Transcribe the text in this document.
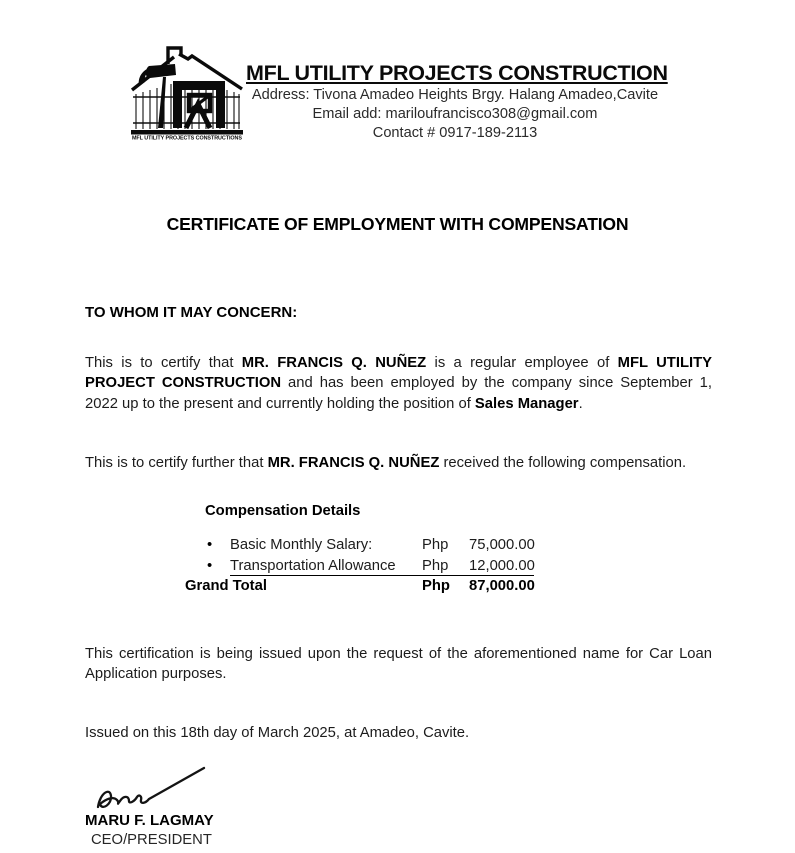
MFL UTILITY PROJECTS CONSTRUCTIONS
MFL UTILITY PROJECTS CONSTRUCTION
Address: Tivona Amadeo Heights Brgy. Halang Amadeo,Cavite
Email add: mariloufrancisco308@gmail.com
Contact # 0917-189-2113
CERTIFICATE OF EMPLOYMENT WITH COMPENSATION
TO WHOM IT MAY CONCERN:
This is to certify that MR. FRANCIS Q. NUÑEZ is a regular employee of MFL UTILITY PROJECT CONSTRUCTION and has been employed by the company since September 1, 2022 up to the present and currently holding the position of Sales Manager.
This is to certify further that MR. FRANCIS Q. NUÑEZ received the following compensation.
Compensation Details
•	Basic Monthly Salary:	Php	75,000.00
•	Transportation Allowance	Php	12,000.00
Grand Total	Php	87,000.00
This certification is being issued upon the request of the aforementioned name for Car Loan Application purposes.
Issued on this 18th day of March 2025, at Amadeo, Cavite.
MARU F. LAGMAY
CEO/PRESIDENT
